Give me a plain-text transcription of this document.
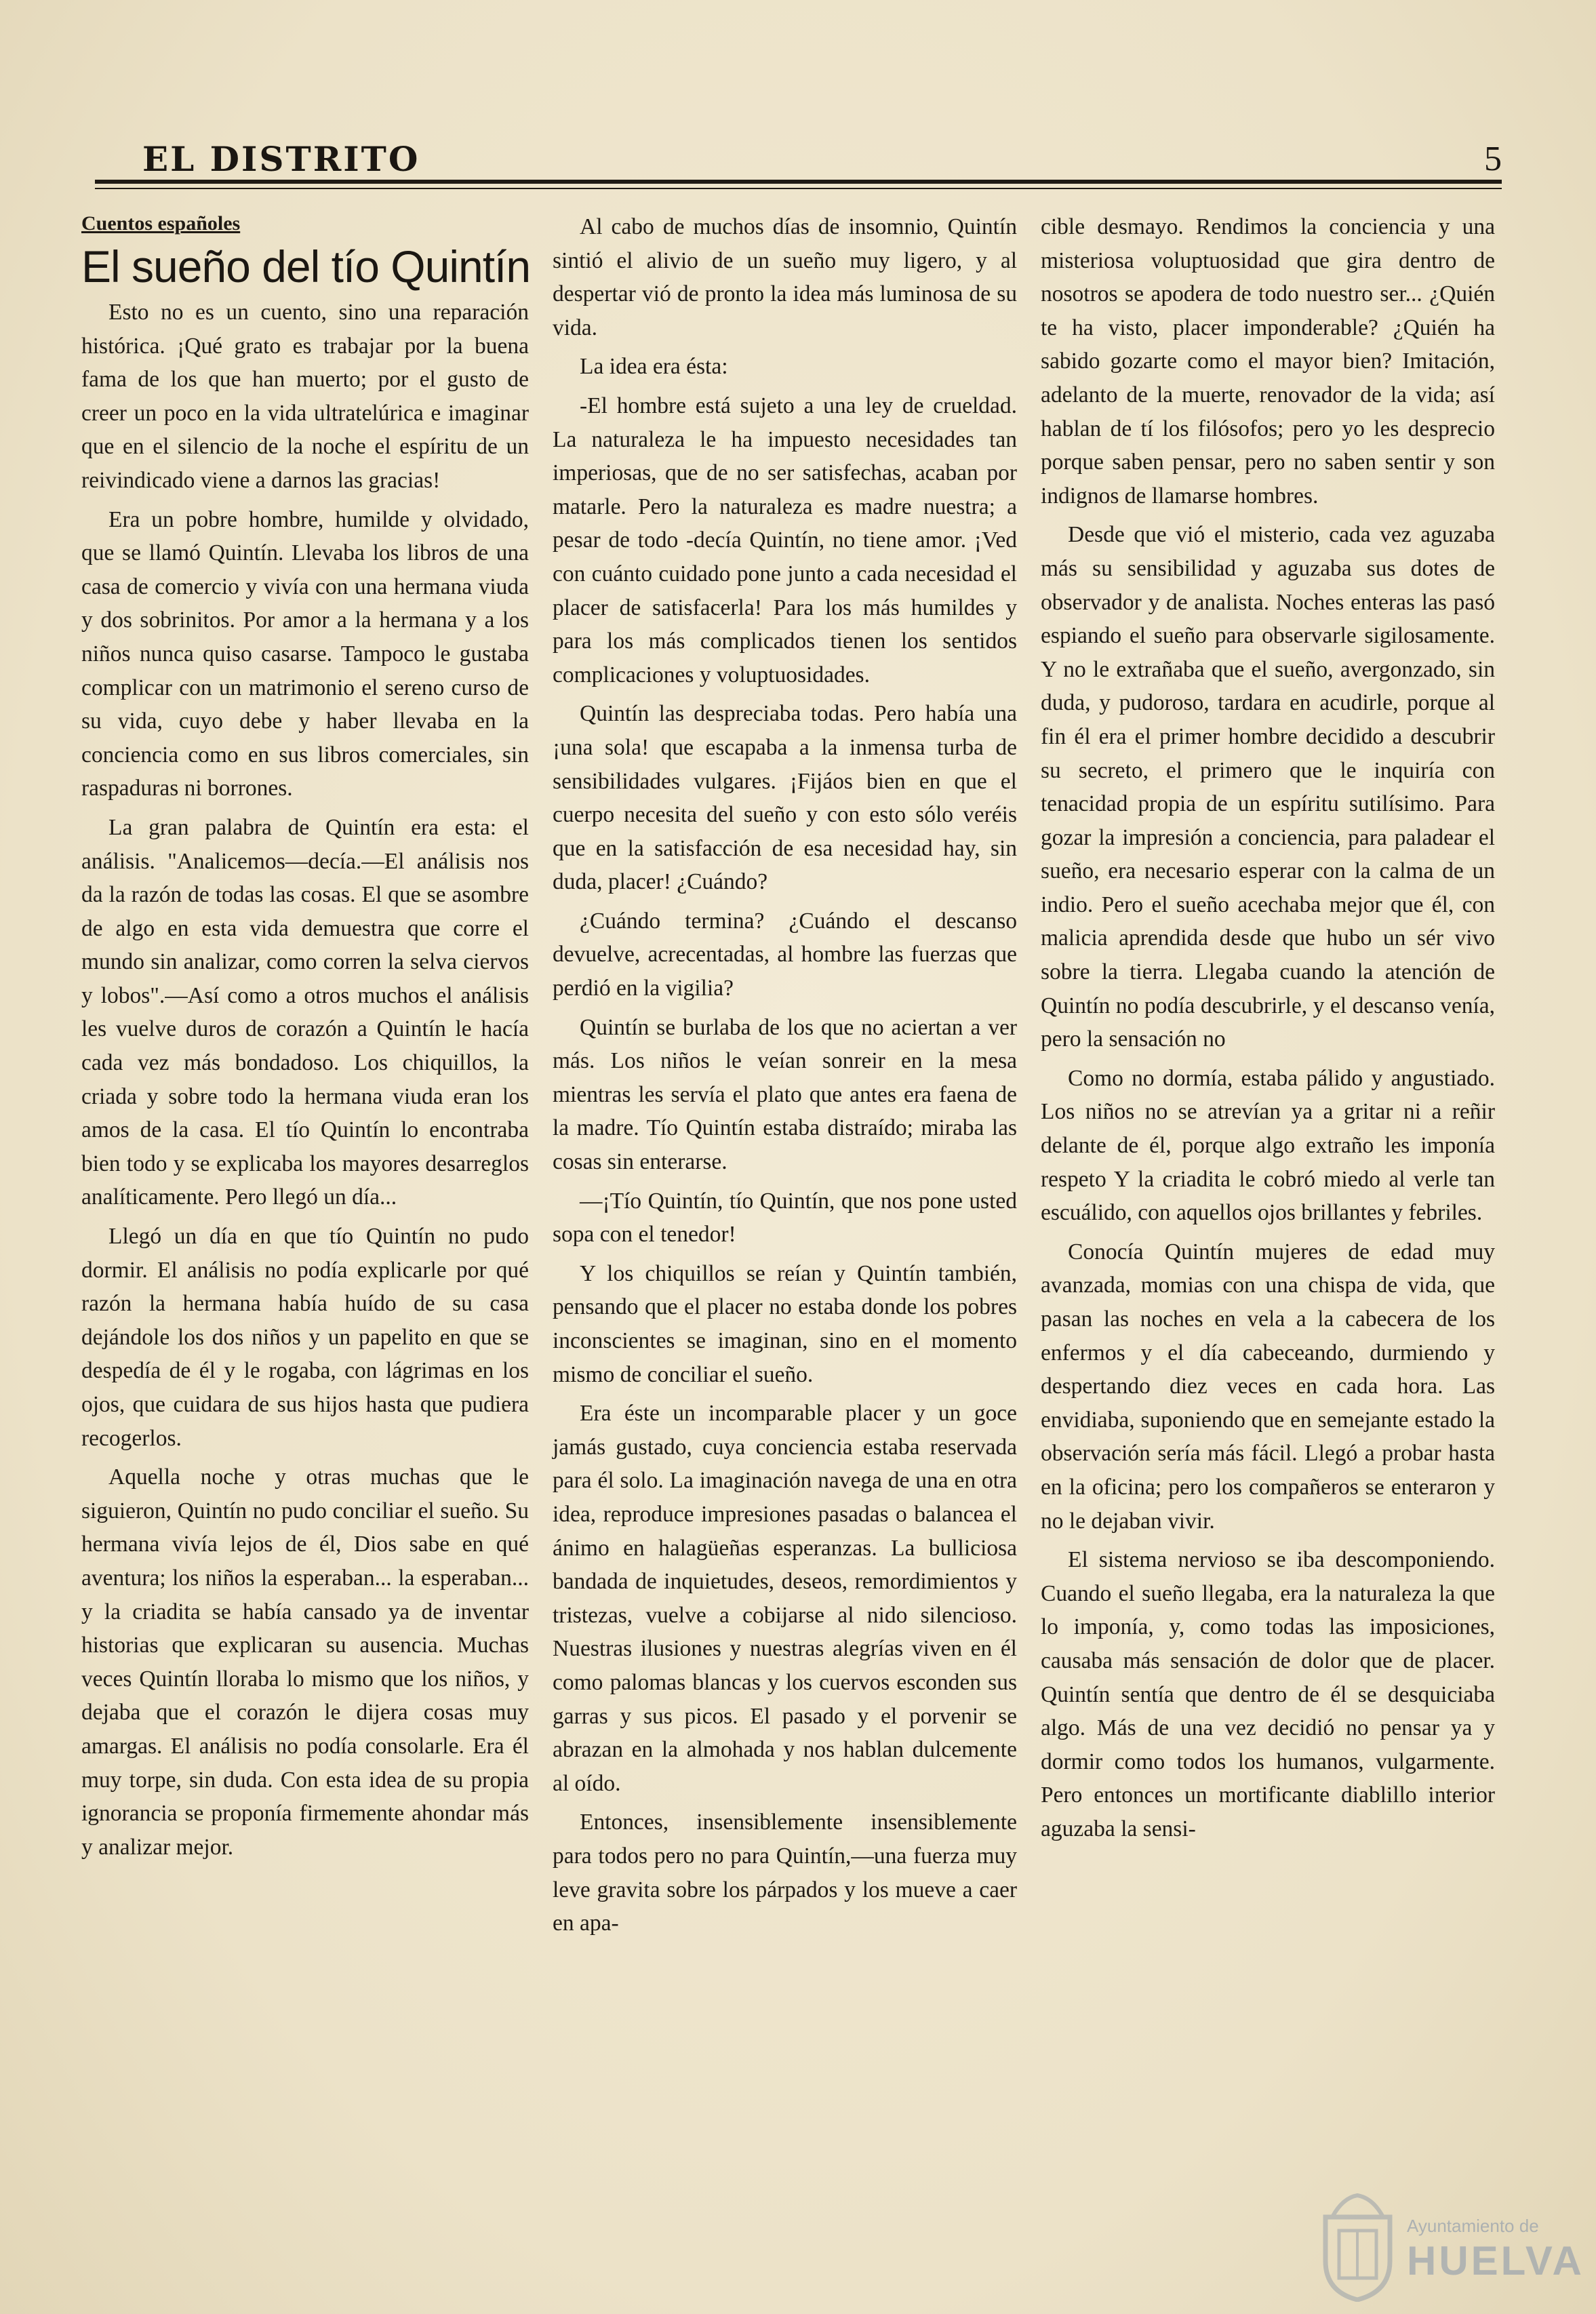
EL DISTRITO	5
Cuentos españoles
El sueño del tío Quintín

Esto no es un cuento, sino una reparación histórica. ¡Qué grato es trabajar por la buena fama de los que han muerto; por el gusto de creer un poco en la vida ultratelúrica e imaginar que en el silencio de la noche el espíritu de un reivindicado viene a darnos las gracias!

Era un pobre hombre, humilde y olvidado, que se llamó Quintín. Llevaba los libros de una casa de comercio y vivía con una hermana viuda y dos sobrinitos. Por amor a la hermana y a los niños nunca quiso casarse. Tampoco le gustaba complicar con un matrimonio el sereno curso de su vida, cuyo debe y haber llevaba en la conciencia como en sus libros comerciales, sin raspaduras ni borrones.

La gran palabra de Quintín era esta: el análisis. "Analicemos—decía.—El análisis nos da la razón de todas las cosas. El que se asombre de algo en esta vida demuestra que corre el mundo sin analizar, como corren la selva ciervos y lobos".—Así como a otros muchos el análisis les vuelve duros de corazón a Quintín le hacía cada vez más bondadoso. Los chiquillos, la criada y sobre todo la hermana viuda eran los amos de la casa. El tío Quintín lo encontraba bien todo y se explicaba los mayores desarreglos analíticamente. Pero llegó un día...

Llegó un día en que tío Quintín no pudo dormir. El análisis no podía explicarle por qué razón la hermana había huído de su casa dejándole los dos niños y un papelito en que se despedía de él y le rogaba, con lágrimas en los ojos, que cuidara de sus hijos hasta que pudiera recogerlos.

Aquella noche y otras muchas que le siguieron, Quintín no pudo conciliar el sueño. Su hermana vivía lejos de él, Dios sabe en qué aventura; los niños la esperaban... la esperaban... y la criadita se había cansado ya de inventar historias que explicaran su ausencia. Muchas veces Quintín lloraba lo mismo que los niños, y dejaba que el corazón le dijera cosas muy amargas. El análisis no podía consolarle. Era él muy torpe, sin duda. Con esta idea de su propia ignorancia se proponía firmemente ahondar más y analizar mejor.

Al cabo de muchos días de insomnio, Quintín sintió el alivio de un sueño muy ligero, y al despertar vió de pronto la idea más luminosa de su vida.

La idea era ésta:

-El hombre está sujeto a una ley de crueldad. La naturaleza le ha impuesto necesidades tan imperiosas, que de no ser satisfechas, acaban por matarle. Pero la naturaleza es madre nuestra; a pesar de todo -decía Quintín, no tiene amor. ¡Ved con cuánto cuidado pone junto a cada necesidad el placer de satisfacerla! Para los más humildes y para los más complicados tienen los sentidos complicaciones y voluptuosidades.

Quintín las despreciaba todas. Pero había una ¡una sola! que escapaba a la inmensa turba de sensibilidades vulgares. ¡Fijáos bien en que el cuerpo necesita del sueño y con esto sólo veréis que en la satisfacción de esa necesidad hay, sin duda, placer! ¿Cuándo?

¿Cuándo termina? ¿Cuándo el descanso devuelve, acrecentadas, al hombre las fuerzas que perdió en la vigilia?

Quintín se burlaba de los que no aciertan a ver más. Los niños le veían sonreir en la mesa mientras les servía el plato que antes era faena de la madre. Tío Quintín estaba distraído; miraba las cosas sin enterarse.

—¡Tío Quintín, tío Quintín, que nos pone usted sopa con el tenedor!

Y los chiquillos se reían y Quintín también, pensando que el placer no estaba donde los pobres inconscientes se imaginan, sino en el momento mismo de conciliar el sueño.

Era éste un incomparable placer y un goce jamás gustado, cuya conciencia estaba reservada para él solo. La imaginación navega de una en otra idea, reproduce impresiones pasadas o balancea el ánimo en halagüeñas esperanzas. La bulliciosa bandada de inquietudes, deseos, remordimientos y tristezas, vuelve a cobijarse al nido silencioso. Nuestras ilusiones y nuestras alegrías viven en él como palomas blancas y los cuervos esconden sus garras y sus picos. El pasado y el porvenir se abrazan en la almohada y nos hablan dulcemente al oído.

Entonces, insensiblemente insensiblemente para todos pero no para Quintín,—una fuerza muy leve gravita sobre los párpados y los mueve a caer en apa-

cible desmayo. Rendimos la conciencia y una misteriosa voluptuosidad que gira dentro de nosotros se apodera de todo nuestro ser... ¿Quién te ha visto, placer imponderable? ¿Quién ha sabido gozarte como el mayor bien? Imitación, adelanto de la muerte, renovador de la vida; así hablan de tí los filósofos; pero yo les desprecio porque saben pensar, pero no saben sentir y son indignos de llamarse hombres.

Desde que vió el misterio, cada vez aguzaba más su sensibilidad y aguzaba sus dotes de observador y de analista. Noches enteras las pasó espiando el sueño para observarle sigilosamente. Y no le extrañaba que el sueño, avergonzado, sin duda, y pudoroso, tardara en acudirle, porque al fin él era el primer hombre decidido a descubrir su secreto, el primero que le inquiría con tenacidad propia de un espíritu sutilísimo. Para gozar la impresión a conciencia, para paladear el sueño, era necesario esperar con la calma de un indio. Pero el sueño acechaba mejor que él, con malicia aprendida desde que hubo un sér vivo sobre la tierra. Llegaba cuando la atención de Quintín no podía descubrirle, y el descanso venía, pero la sensación no

Como no dormía, estaba pálido y angustiado. Los niños no se atrevían ya a gritar ni a reñir delante de él, porque algo extraño les imponía respeto Y la criadita le cobró miedo al verle tan escuálido, con aquellos ojos brillantes y febriles.

Conocía Quintín mujeres de edad muy avanzada, momias con una chispa de vida, que pasan las noches en vela a la cabecera de los enfermos y el día cabeceando, durmiendo y despertando diez veces en cada hora. Las envidiaba, suponiendo que en semejante estado la observación sería más fácil. Llegó a probar hasta en la oficina; pero los compañeros se enteraron y no le dejaban vivir.

El sistema nervioso se iba descomponiendo. Cuando el sueño llegaba, era la naturaleza la que lo imponía, y, como todas las imposiciones, causaba más sensación de dolor que de placer. Quintín sentía que dentro de él se desquiciaba algo. Más de una vez decidió no pensar ya y dormir como todos los humanos, vulgarmente. Pero entonces un mortificante diablillo interior aguzaba la sensi-

Ayuntamiento de
HUELVA
